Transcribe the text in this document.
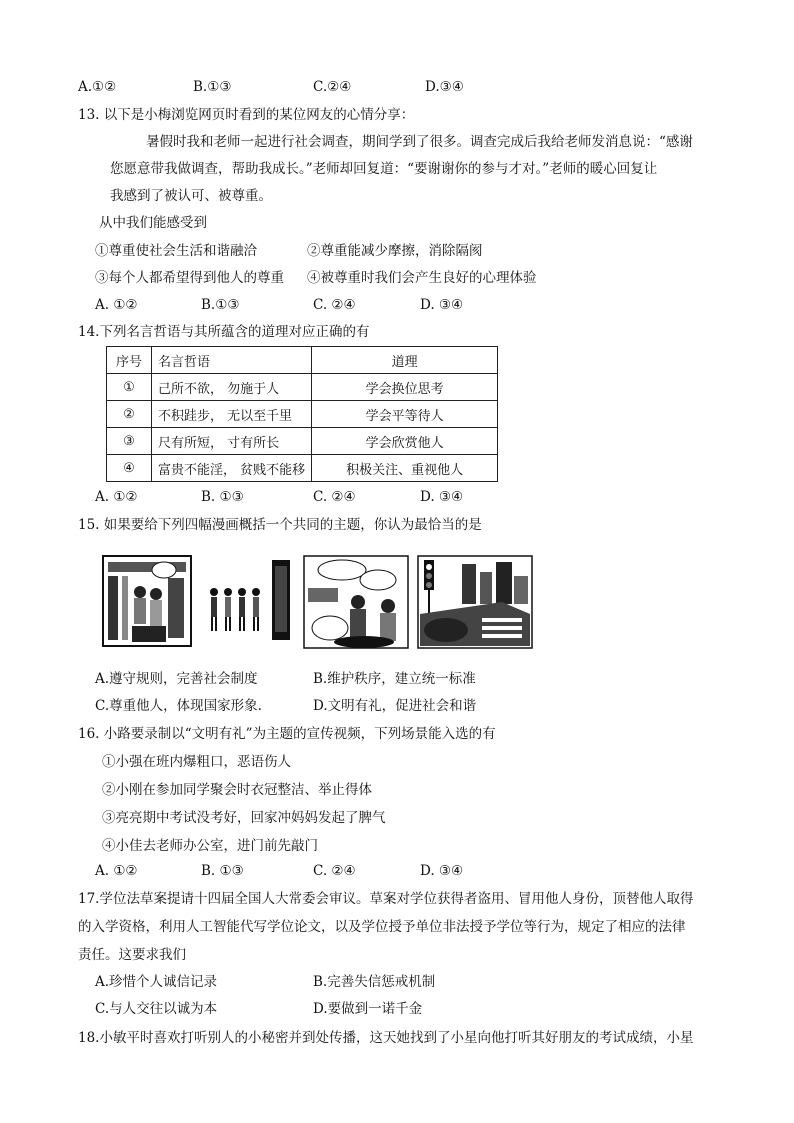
A.①②	B.①③	C.②④	D.③④
13. 以下是小梅浏览网页时看到的某位网友的心情分享：
暑假时我和老师一起进行社会调查，期间学到了很多。调查完成后我给老师发消息说：“感谢
您愿意带我做调查，帮助我成长。”老师却回复道：“要谢谢你的参与才对。”老师的暖心回复让
我感到了被认可、被尊重。
从中我们能感受到
①尊重使社会生活和谐融洽	②尊重能减少摩擦，消除隔阂
③每个人都希望得到他人的尊重 ④被尊重时我们会产生良好的心理体验
A. ①②	B.①③	C. ②④	D. ③④
14.下列名言哲语与其所蕴含的道理对应正确的有
序号	名言哲语	道理
①	己所不欲， 勿施于人	学会换位思考
②	不积跬步， 无以至千里	学会平等待人
③	尺有所短， 寸有所长	学会欣赏他人
④	富贵不能淫， 贫贱不能移	积极关注、重视他人
A. ①②	B. ①③	C. ②④	D. ③④
15. 如果要给下列四幅漫画概括一个共同的主题，你认为最恰当的是
A.遵守规则，完善社会制度	B.维护秩序，建立统一标准
C.尊重他人，体现国家形象.	D.文明有礼，促进社会和谐
16. 小路要录制以“文明有礼”为主题的宣传视频，下列场景能入选的有
①小强在班内爆粗口，恶语伤人
②小刚在参加同学聚会时衣冠整洁、举止得体
③亮亮期中考试没考好，回家冲妈妈发起了脾气
④小佳去老师办公室，进门前先敲门
A. ①②	B. ①③	C. ②④	D. ③④
17.学位法草案提请十四届全国人大常委会审议。草案对学位获得者盗用、冒用他人身份，顶替他人取得
的入学资格，利用人工智能代写学位论文，以及学位授予单位非法授予学位等行为，规定了相应的法律
责任。这要求我们
A.珍惜个人诚信记录	B.完善失信惩戒机制
C.与人交往以诚为本	D.要做到一诺千金
18.小敏平时喜欢打听别人的小秘密并到处传播，这天她找到了小星向他打听其好朋友的考试成绩，小星
